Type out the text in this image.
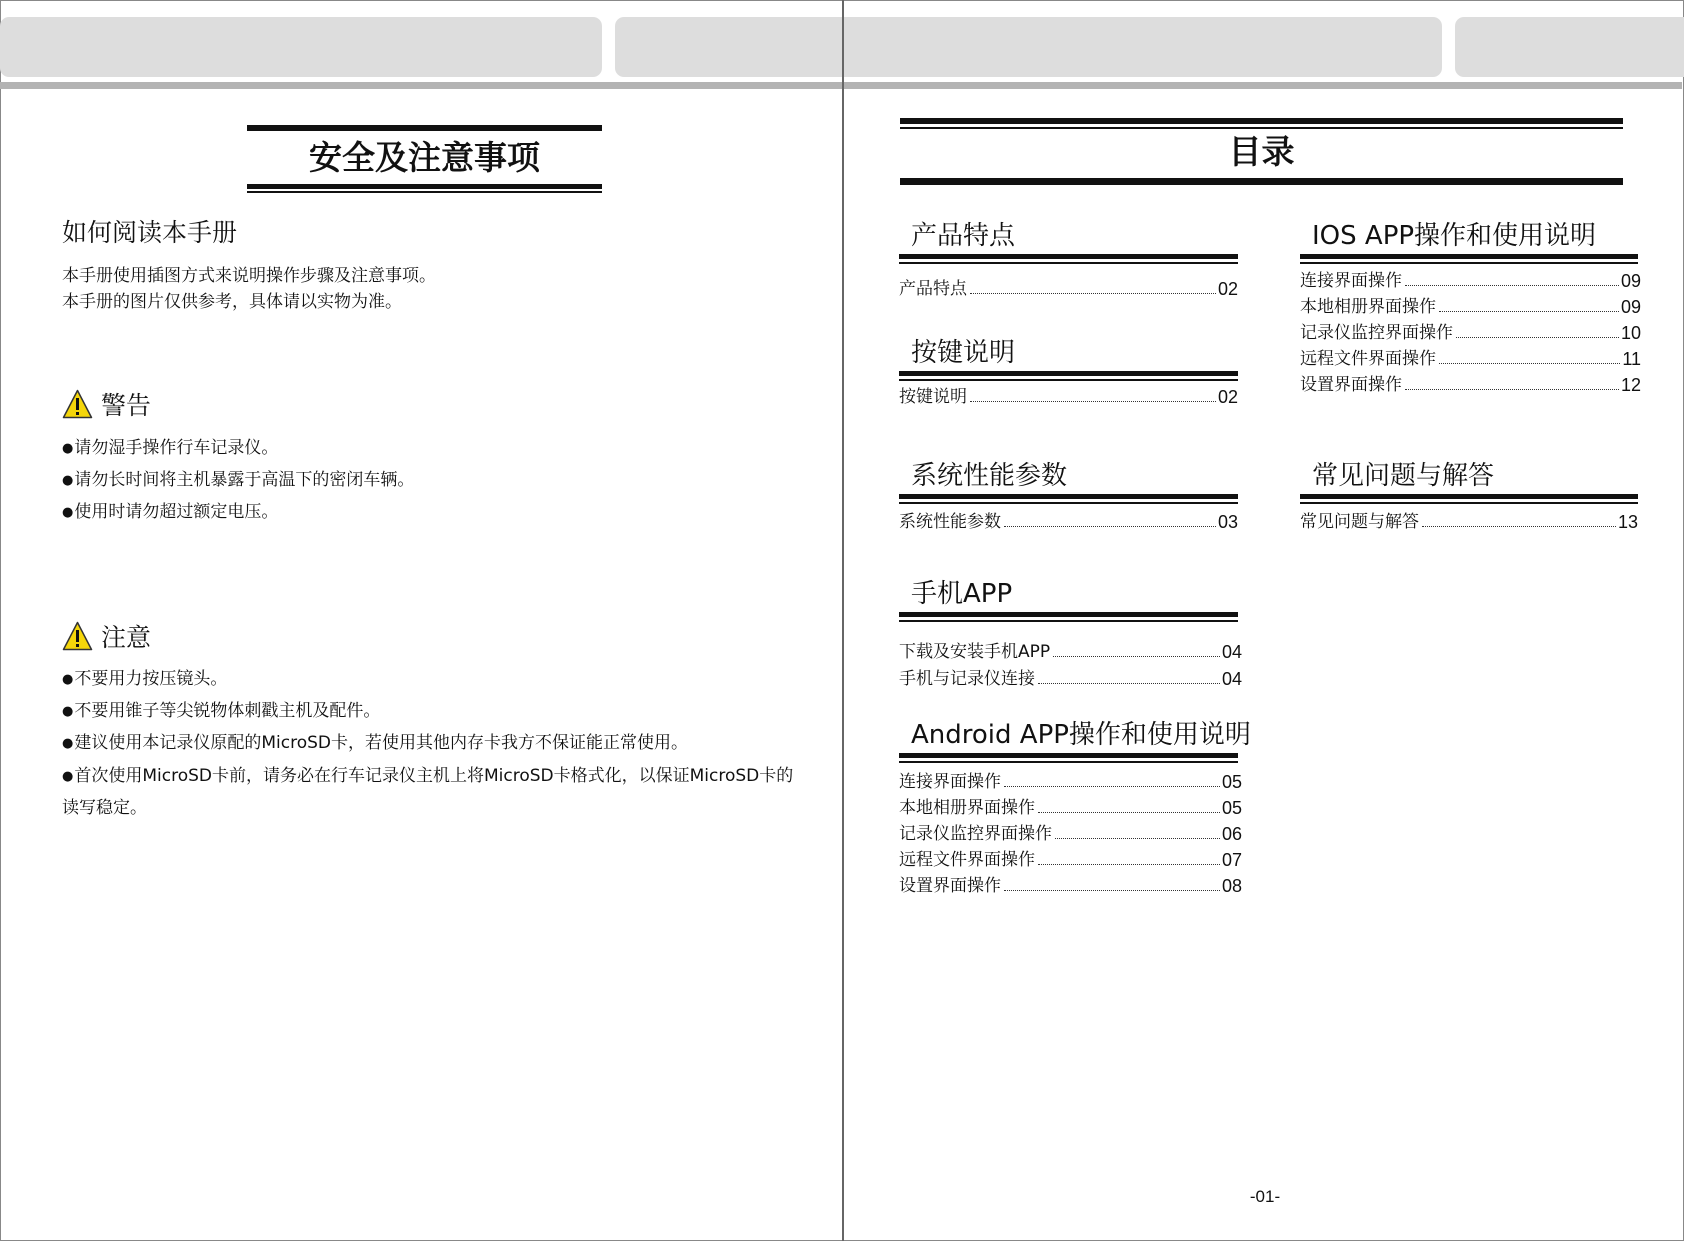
安全及注意事项
如何阅读本手册
本手册使用插图方式来说明操作步骤及注意事项。
本手册的图片仅供参考，具体请以实物为准。
警告
● 请勿湿手操作行车记录仪。
● 请勿长时间将主机暴露于高温下的密闭车辆。
● 使用时请勿超过额定电压。
注意
● 不要用力按压镜头。
● 不要用锥子等尖锐物体刺戳主机及配件。
● 建议使用本记录仪原配的MicroSD卡，若使用其他内存卡我方不保证能正常使用。
● 首次使用MicroSD卡前，请务必在行车记录仪主机上将MicroSD卡格式化，以保证MicroSD卡的
读写稳定。
目录
产品特点
产品特点	02
按键说明
按键说明	02
系统性能参数
系统性能参数	03
手机APP
下载及安装手机APP	04
手机与记录仪连接	04
Android APP操作和使用说明
连接界面操作	05
本地相册界面操作	05
记录仪监控界面操作	06
远程文件界面操作	07
设置界面操作	08
IOS APP操作和使用说明
连接界面操作	09
本地相册界面操作	09
记录仪监控界面操作	10
远程文件界面操作	11
设置界面操作	12
常见问题与解答
常见问题与解答	13
-01-
